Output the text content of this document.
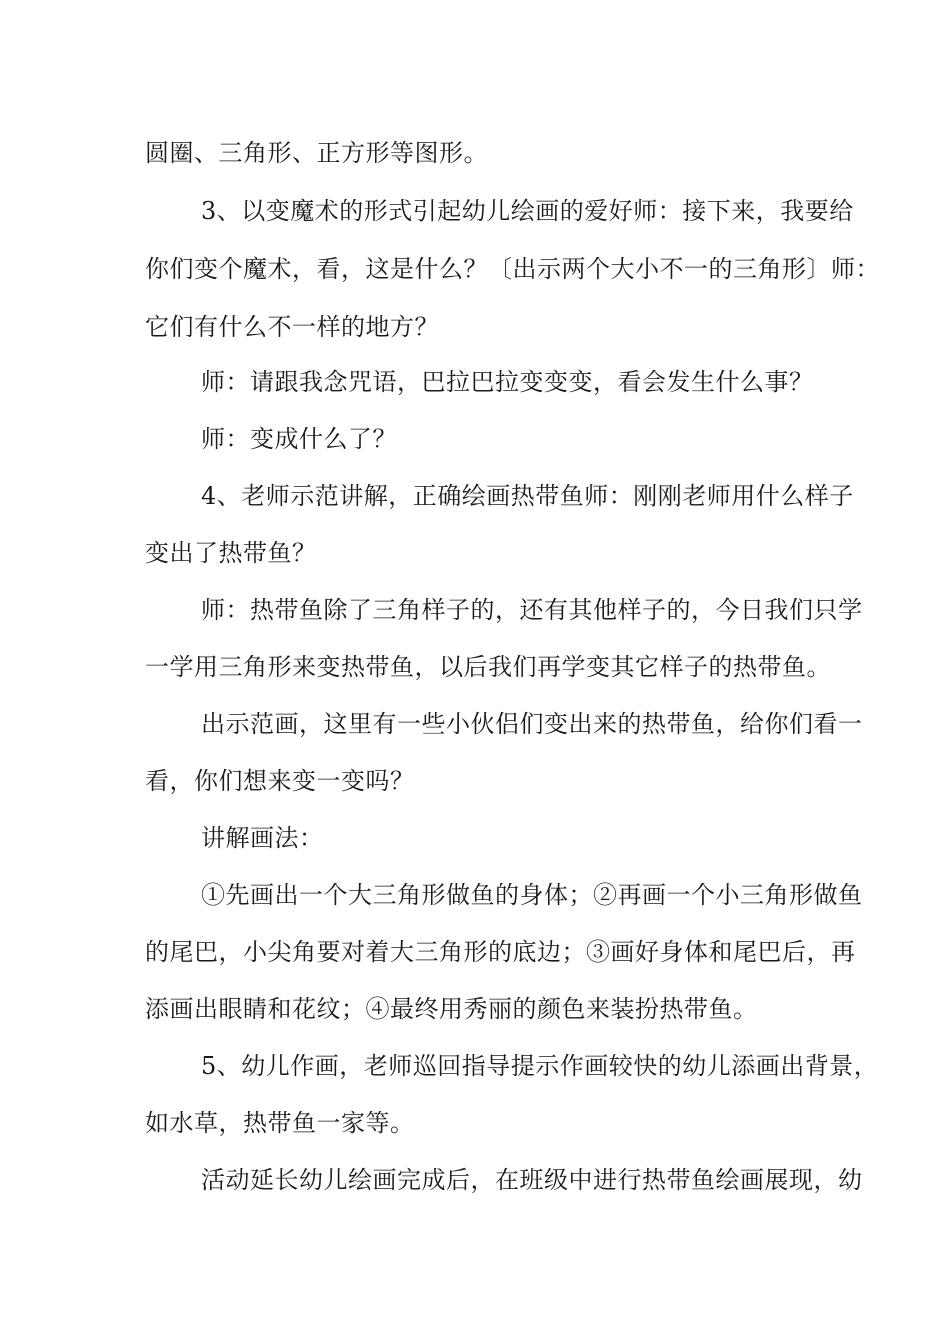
圆圈、三角形、正方形等图形。
3、以变魔术的形式引起幼儿绘画的爱好师：接下来，我要给
你们变个魔术，看，这是什么？〔出示两个大小不一的三角形〕师：
它们有什么不一样的地方？
师：请跟我念咒语，巴拉巴拉变变变，看会发生什么事？
师：变成什么了？
4、老师示范讲解，正确绘画热带鱼师：刚刚老师用什么样子
变出了热带鱼？
师：热带鱼除了三角样子的，还有其他样子的，今日我们只学
一学用三角形来变热带鱼，以后我们再学变其它样子的热带鱼。
出示范画，这里有一些小伙侣们变出来的热带鱼，给你们看一
看，你们想来变一变吗？
讲解画法：
①先画出一个大三角形做鱼的身体；②再画一个小三角形做鱼
的尾巴，小尖角要对着大三角形的底边；③画好身体和尾巴后，再
添画出眼睛和花纹；④最终用秀丽的颜色来装扮热带鱼。
5、幼儿作画，老师巡回指导提示作画较快的幼儿添画出背景，
如水草，热带鱼一家等。
活动延长幼儿绘画完成后，在班级中进行热带鱼绘画展现，幼
